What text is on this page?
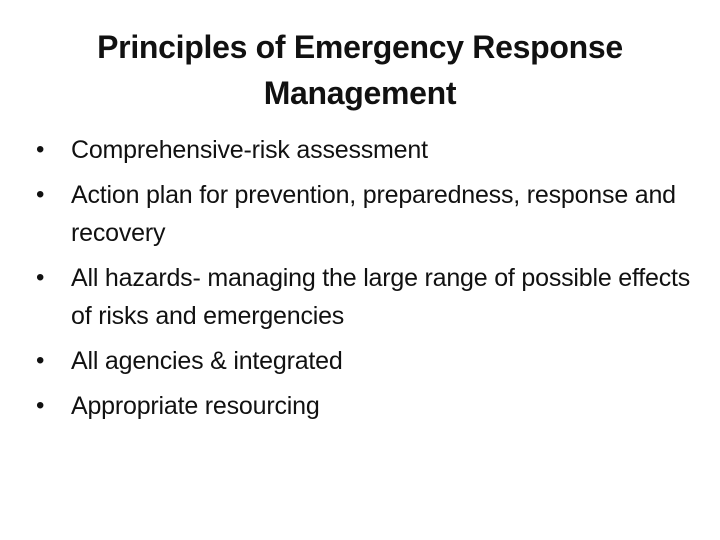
Principles of Emergency Response Management
•	Comprehensive-risk assessment
•	Action plan for prevention, preparedness, response and recovery
•	All hazards- managing the large range of possible effects of risks and emergencies
•	All agencies & integrated
•	Appropriate resourcing
